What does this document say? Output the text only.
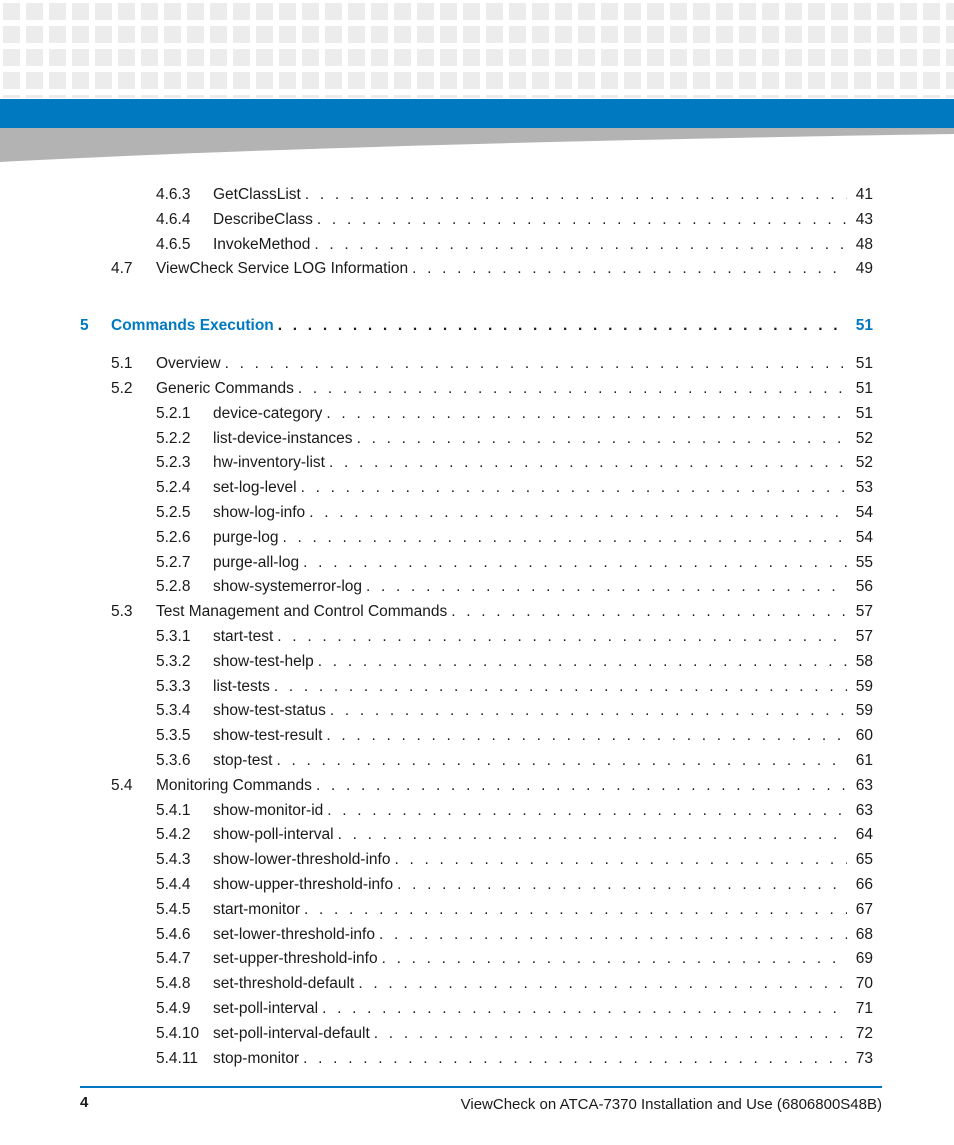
4.6.3 GetClassList . . .	41
4.6.4 DescribeClass . . .	43
4.6.5 InvokeMethod . . .	48
4.7 ViewCheck Service LOG Information . . .	49
5 Commands Execution . . .	51
5.1 Overview . . .	51
5.2 Generic Commands . . .	51
5.2.1 device-category . . .	51
5.2.2 list-device-instances . . .	52
5.2.3 hw-inventory-list . . .	52
5.2.4 set-log-level . . .	53
5.2.5 show-log-info . . .	54
5.2.6 purge-log . . .	54
5.2.7 purge-all-log . . .	55
5.2.8 show-systemerror-log . . .	56
5.3 Test Management and Control Commands . . .	57
5.3.1 start-test . . .	57
5.3.2 show-test-help . . .	58
5.3.3 list-tests . . .	59
5.3.4 show-test-status . . .	59
5.3.5 show-test-result . . .	60
5.3.6 stop-test . . .	61
5.4 Monitoring Commands . . .	63
5.4.1 show-monitor-id . . .	63
5.4.2 show-poll-interval . . .	64
5.4.3 show-lower-threshold-info . . .	65
5.4.4 show-upper-threshold-info . . .	66
5.4.5 start-monitor . . .	67
5.4.6 set-lower-threshold-info . . .	68
5.4.7 set-upper-threshold-info . . .	69
5.4.8 set-threshold-default . . .	70
5.4.9 set-poll-interval . . .	71
5.4.10 set-poll-interval-default . . .	72
5.4.11 stop-monitor . . .	73
4	ViewCheck on ATCA-7370 Installation and Use (6806800S48B)
